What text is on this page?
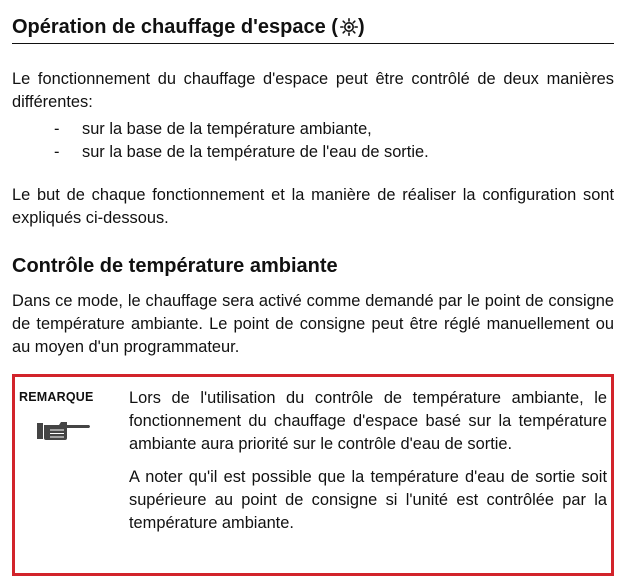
Opération de chauffage d'espace ( )
Le fonctionnement du chauffage d'espace peut être contrôlé de deux manières différentes:
- sur la base de la température ambiante,
- sur la base de la température de l'eau de sortie.
Le but de chaque fonctionnement et la manière de réaliser la configuration sont expliqués ci-dessous.
Contrôle de température ambiante
Dans ce mode, le chauffage sera activé comme demandé par le point de consigne de température ambiante. Le point de consigne peut être réglé manuellement ou au moyen d'un programmateur.
REMARQUE Lors de l'utilisation du contrôle de température ambiante, le fonctionnement du chauffage d'espace basé sur la température ambiante aura priorité sur le contrôle d'eau de sortie.

A noter qu'il est possible que la température d'eau de sortie soit supérieure au point de consigne si l'unité est contrôlée par la température ambiante.
